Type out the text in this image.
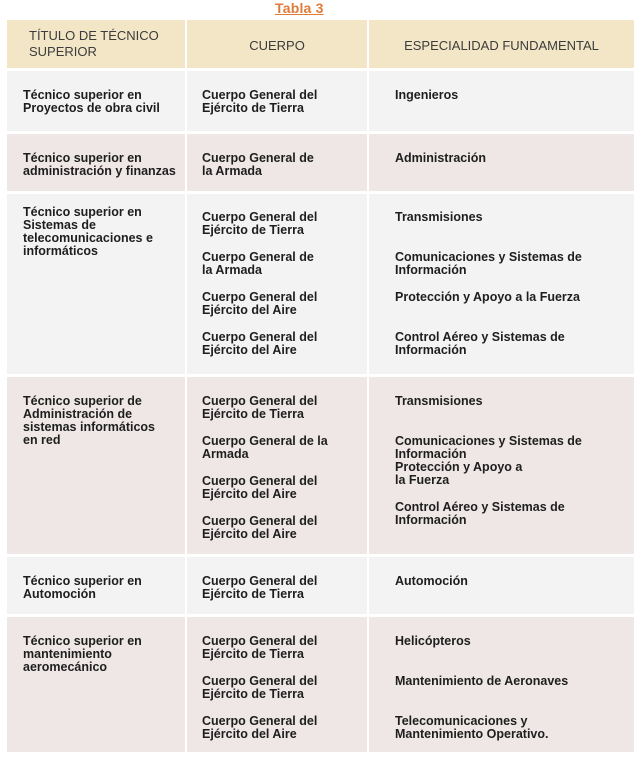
Tabla 3
TÍTULO DE TÉCNICO
SUPERIOR	CUERPO	ESPECIALIDAD FUNDAMENTAL
Técnico superior en
Proyectos de obra civil
Cuerpo General del
Ejército de Tierra
Ingenieros
Técnico superior en
administración y finanzas
Cuerpo General de
la Armada
Administración
Técnico superior en
Sistemas de
telecomunicaciones e
informáticos
Cuerpo General del
Ejército de Tierra
Cuerpo General de
la Armada
Cuerpo General del
Ejército del Aire
Cuerpo General del
Ejército del Aire
Transmisiones
Comunicaciones y Sistemas de
Información
Protección y Apoyo a la Fuerza
Control Aéreo y Sistemas de
Información
Técnico superior de
Administración de
sistemas informáticos
en red
Cuerpo General del
Ejército de Tierra
Cuerpo General de la
Armada
Cuerpo General del
Ejército del Aire
Cuerpo General del
Ejército del Aire
Transmisiones
Comunicaciones y Sistemas de
Información
Protección y Apoyo a
la Fuerza
Control Aéreo y Sistemas de
Información
Técnico superior en
Automoción
Cuerpo General del
Ejército de Tierra
Automoción
Técnico superior en
mantenimiento
aeromecánico
Cuerpo General del
Ejército de Tierra
Cuerpo General del
Ejército de Tierra
Cuerpo General del
Ejército del Aire
Helicópteros
Mantenimiento de Aeronaves
Telecomunicaciones y
Mantenimiento Operativo.
